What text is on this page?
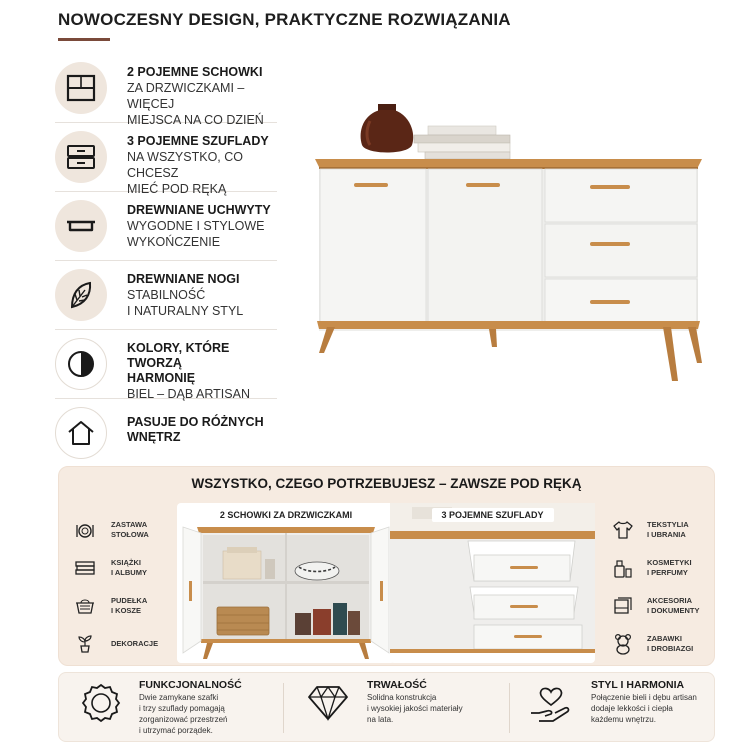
NOWOCZESNY DESIGN, PRAKTYCZNE ROZWIĄZANIA
2 POJEMNE SCHOWKI
ZA DRZWICZKAMI – WIĘCEJ
MIEJSCA NA CO DZIEŃ
3 POJEMNE SZUFLADY
NA WSZYSTKO, CO CHCESZ
MIEĆ POD RĘKĄ
DREWNIANE UCHWYTY
WYGODNE I STYLOWE
WYKOŃCZENIE
DREWNIANE NOGI
STABILNOŚĆ
I NATURALNY STYL
KOLORY, KTÓRE TWORZĄ
HARMONIĘ
BIEL – DĄB ARTISAN
PASUJE DO RÓŻNYCH
WNĘTRZ
WSZYSTKO, CZEGO POTRZEBUJESZ – ZAWSZE POD RĘKĄ
ZASTAWA
STOŁOWA
KSIĄŻKI
I ALBUMY
PUDEŁKA
I KOSZE
DEKORACJE
2 SCHOWKI ZA DRZWICZKAMI	3 POJEMNE SZUFLADY
TEKSTYLIA
I UBRANIA
KOSMETYKI
I PERFUMY
AKCESORIA
I DOKUMENTY
ZABAWKI
I DROBIAZGI
FUNKCJONALNOŚĆ
Dwie zamykane szafki
i trzy szuflady pomagają
zorganizować przestrzeń
i utrzymać porządek.
TRWAŁOŚĆ
Solidna konstrukcja
i wysokiej jakości materiały
na lata.
STYL I HARMONIA
Połączenie bieli i dębu artisan
dodaje lekkości i ciepła
każdemu wnętrzu.
